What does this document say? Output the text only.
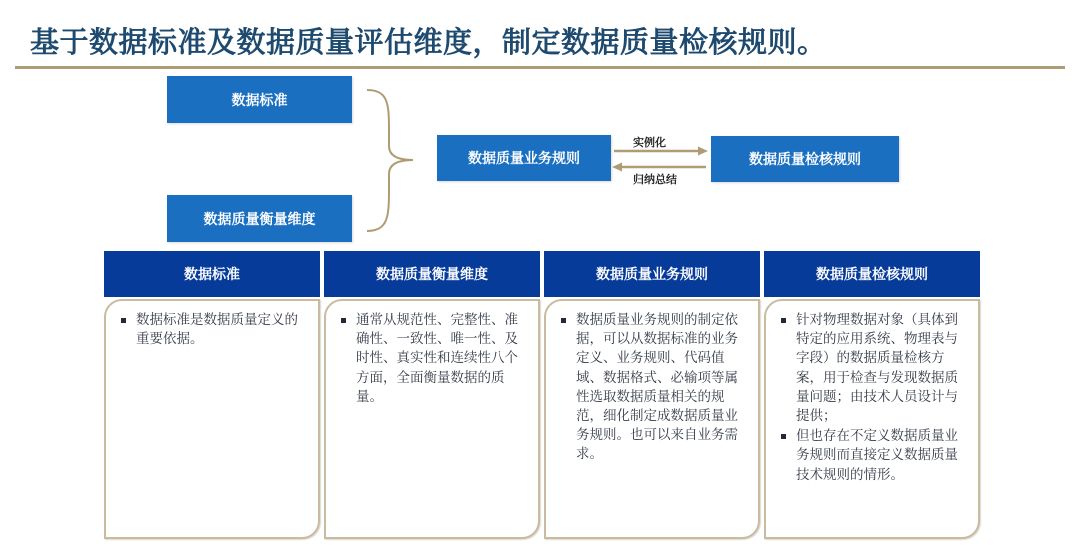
基于数据标准及数据质量评估维度，制定数据质量检核规则。
数据标准
数据质量衡量维度
数据质量业务规则
实例化
归纳总结
数据质量检核规则
数据标准
数据标准是数据质量定义的重要依据。
数据质量衡量维度
通常从规范性、完整性、准确性、一致性、唯一性、及时性、真实性和连续性八个方面，全面衡量数据的质量。
数据质量业务规则
数据质量业务规则的制定依据，可以从数据标准的业务定义、业务规则、代码值域、数据格式、必输项等属性选取数据质量相关的规范，细化制定成数据质量业务规则。也可以来自业务需求。
数据质量检核规则
针对物理数据对象（具体到特定的应用系统、物理表与字段）的数据质量检核方案，用于检查与发现数据质量问题；由技术人员设计与提供；
但也存在不定义数据质量业务规则而直接定义数据质量技术规则的情形。
